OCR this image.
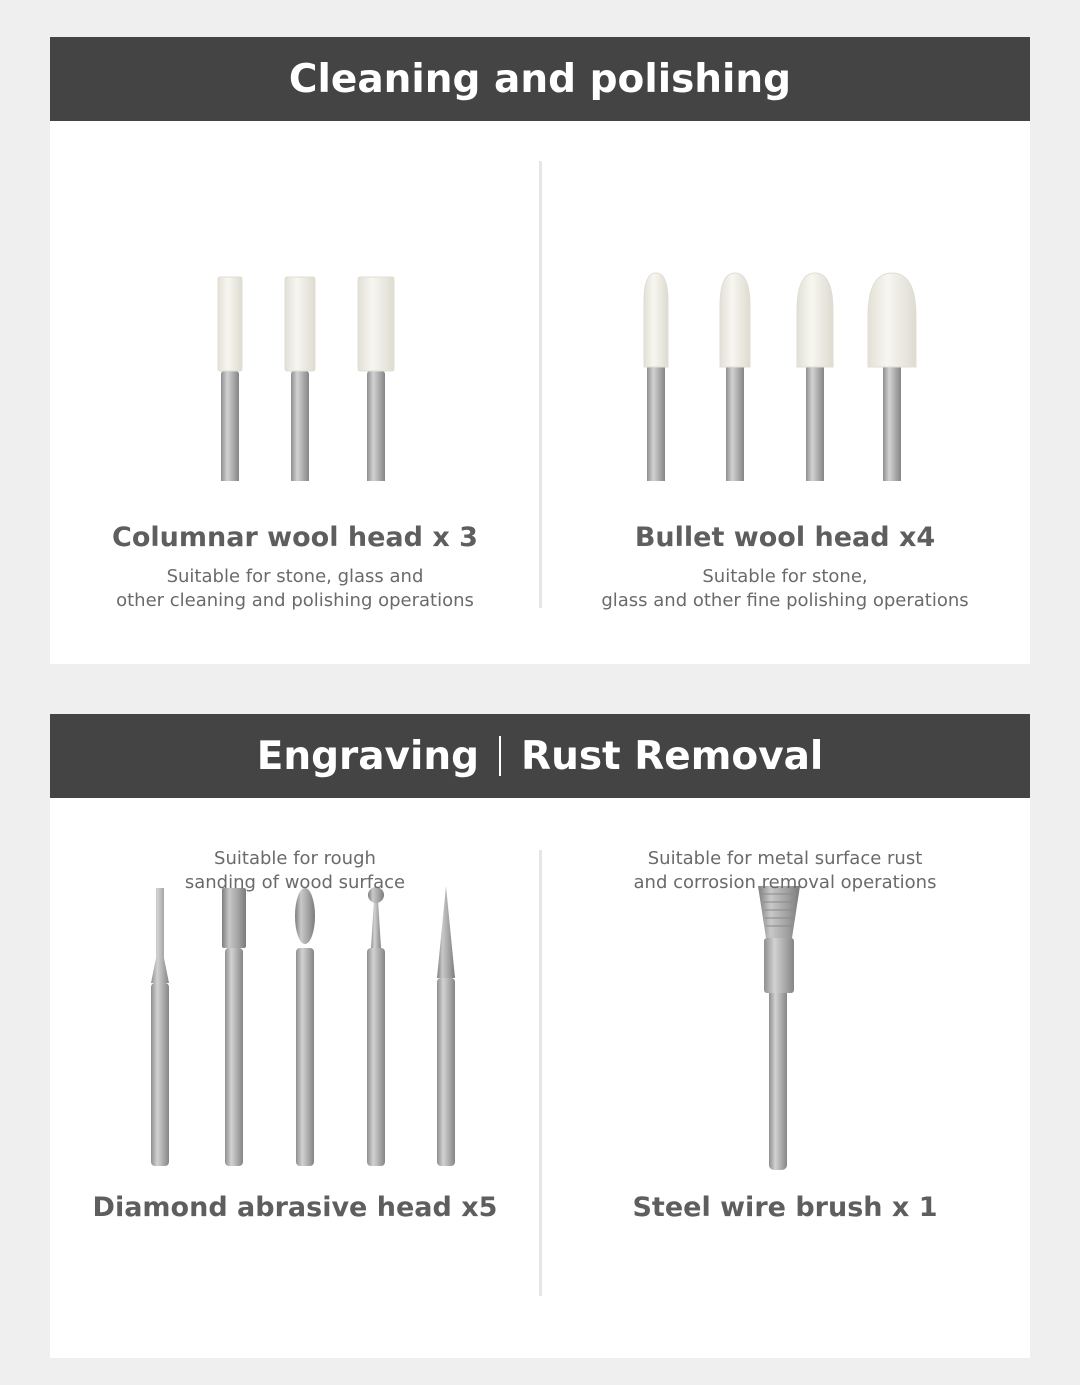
Cleaning and polishing
Columnar wool head x 3
Suitable for stone, glass and
other cleaning and polishing operations
Bullet wool head x4
Suitable for stone,
glass and other fine polishing operations
Engraving Rust Removal
Diamond abrasive head x5
Suitable for rough
sanding of wood surface
Steel wire brush x 1
Suitable for metal surface rust
and corrosion removal operations
